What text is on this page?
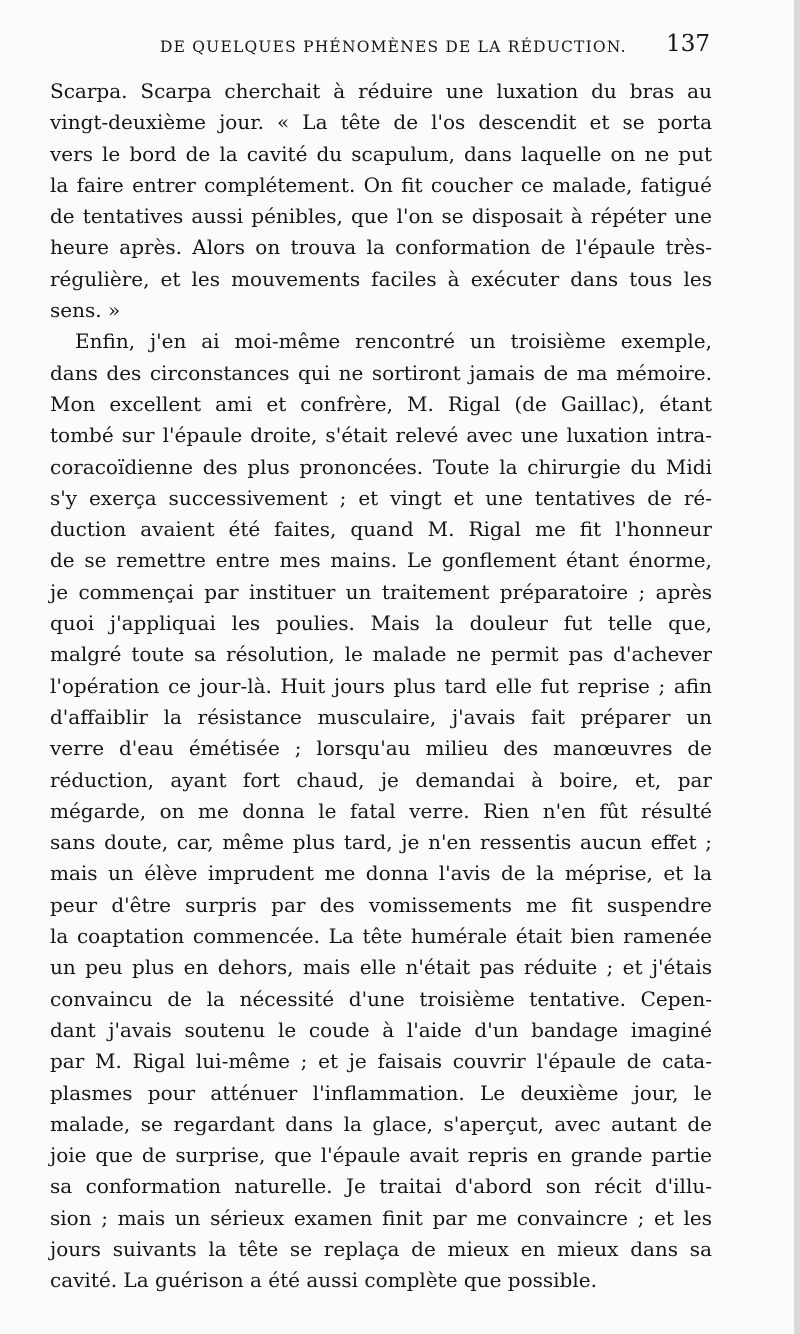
DE QUELQUES PHÉNOMÈNES DE LA RÉDUCTION. 137
Scarpa. Scarpa cherchait à réduire une luxation du bras au
vingt-deuxième jour. « La tête de l'os descendit et se porta
vers le bord de la cavité du scapulum, dans laquelle on ne put
la faire entrer complétement. On fit coucher ce malade, fatigué
de tentatives aussi pénibles, que l'on se disposait à répéter une
heure après. Alors on trouva la conformation de l'épaule très-
régulière, et les mouvements faciles à exécuter dans tous les
sens. »
Enfin, j'en ai moi-même rencontré un troisième exemple,
dans des circonstances qui ne sortiront jamais de ma mémoire.
Mon excellent ami et confrère, M. Rigal (de Gaillac), étant
tombé sur l'épaule droite, s'était relevé avec une luxation intra-
coracoïdienne des plus prononcées. Toute la chirurgie du Midi
s'y exerça successivement ; et vingt et une tentatives de ré-
duction avaient été faites, quand M. Rigal me fit l'honneur
de se remettre entre mes mains. Le gonflement étant énorme,
je commençai par instituer un traitement préparatoire ; après
quoi j'appliquai les poulies. Mais la douleur fut telle que,
malgré toute sa résolution, le malade ne permit pas d'achever
l'opération ce jour-là. Huit jours plus tard elle fut reprise ; afin
d'affaiblir la résistance musculaire, j'avais fait préparer un
verre d'eau émétisée ; lorsqu'au milieu des manœuvres de
réduction, ayant fort chaud, je demandai à boire, et, par
mégarde, on me donna le fatal verre. Rien n'en fût résulté
sans doute, car, même plus tard, je n'en ressentis aucun effet ;
mais un élève imprudent me donna l'avis de la méprise, et la
peur d'être surpris par des vomissements me fit suspendre
la coaptation commencée. La tête humérale était bien ramenée
un peu plus en dehors, mais elle n'était pas réduite ; et j'étais
convaincu de la nécessité d'une troisième tentative. Cepen-
dant j'avais soutenu le coude à l'aide d'un bandage imaginé
par M. Rigal lui-même ; et je faisais couvrir l'épaule de cata-
plasmes pour atténuer l'inflammation. Le deuxième jour, le
malade, se regardant dans la glace, s'aperçut, avec autant de
joie que de surprise, que l'épaule avait repris en grande partie
sa conformation naturelle. Je traitai d'abord son récit d'illu-
sion ; mais un sérieux examen finit par me convaincre ; et les
jours suivants la tête se replaça de mieux en mieux dans sa
cavité. La guérison a été aussi complète que possible.
